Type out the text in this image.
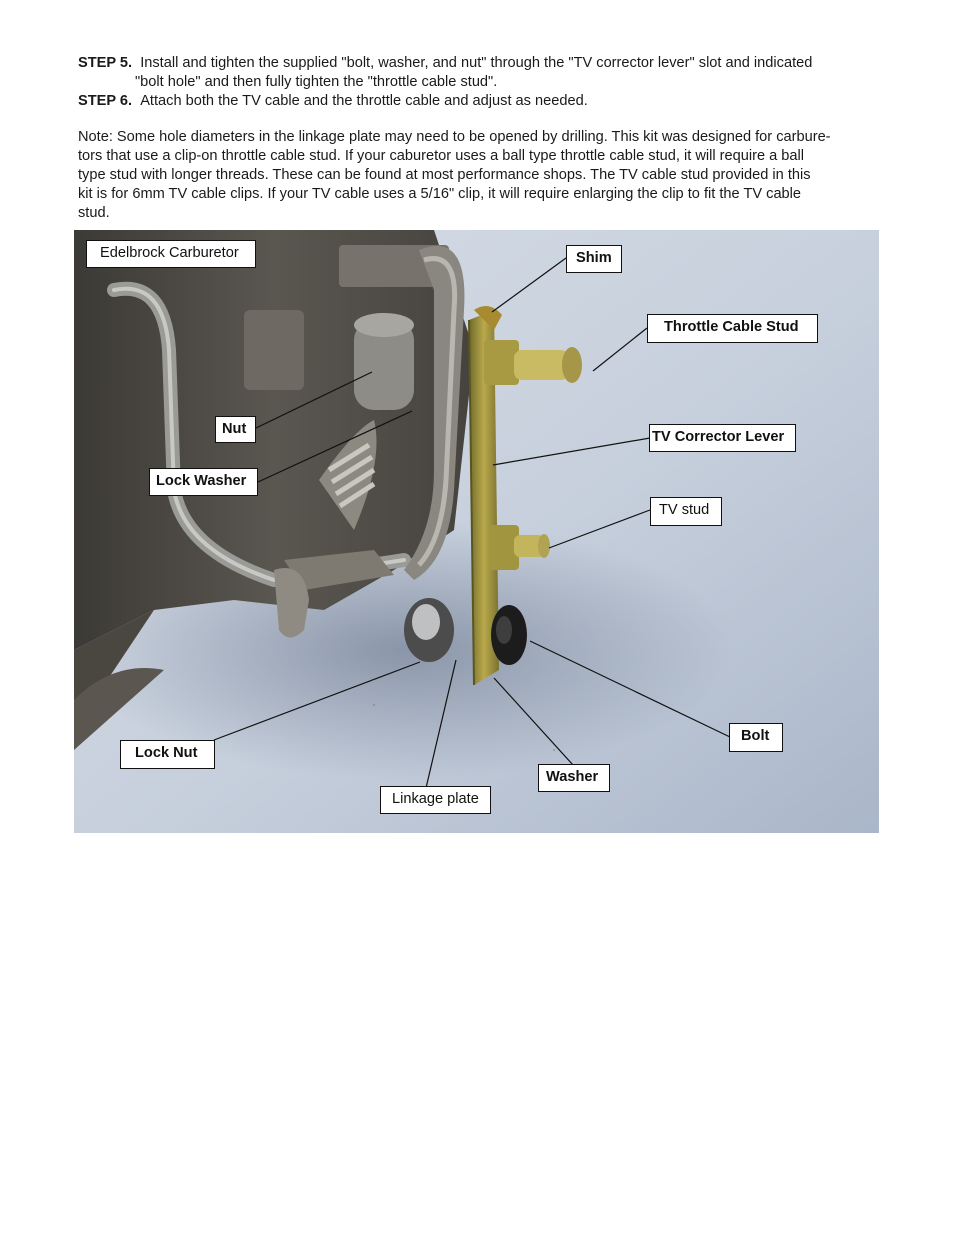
STEP 5. Install and tighten the supplied "bolt, washer, and nut" through the "TV corrector lever" slot and indicated

"bolt hole" and then fully tighten the "throttle cable stud".

STEP 6. Attach both the TV cable and the throttle cable and adjust as needed.

Note: Some hole diameters in the linkage plate may need to be opened by drilling. This kit was designed for carbure-
tors that use a clip-on throttle cable stud. If your caburetor uses a ball type throttle cable stud, it will require a ball
type stud with longer threads. These can be found at most performance shops. The TV cable stud provided in this
kit is for 6mm TV cable clips. If your TV cable uses a 5/16" clip, it will require enlarging the clip to fit the TV cable
stud.
Edelbrock Carburetor	Shim
Throttle Cable Stud
Nut
Lock Washer
TV Corrector Lever
TV stud
Lock Nut
Linkage plate
Washer
Bolt
